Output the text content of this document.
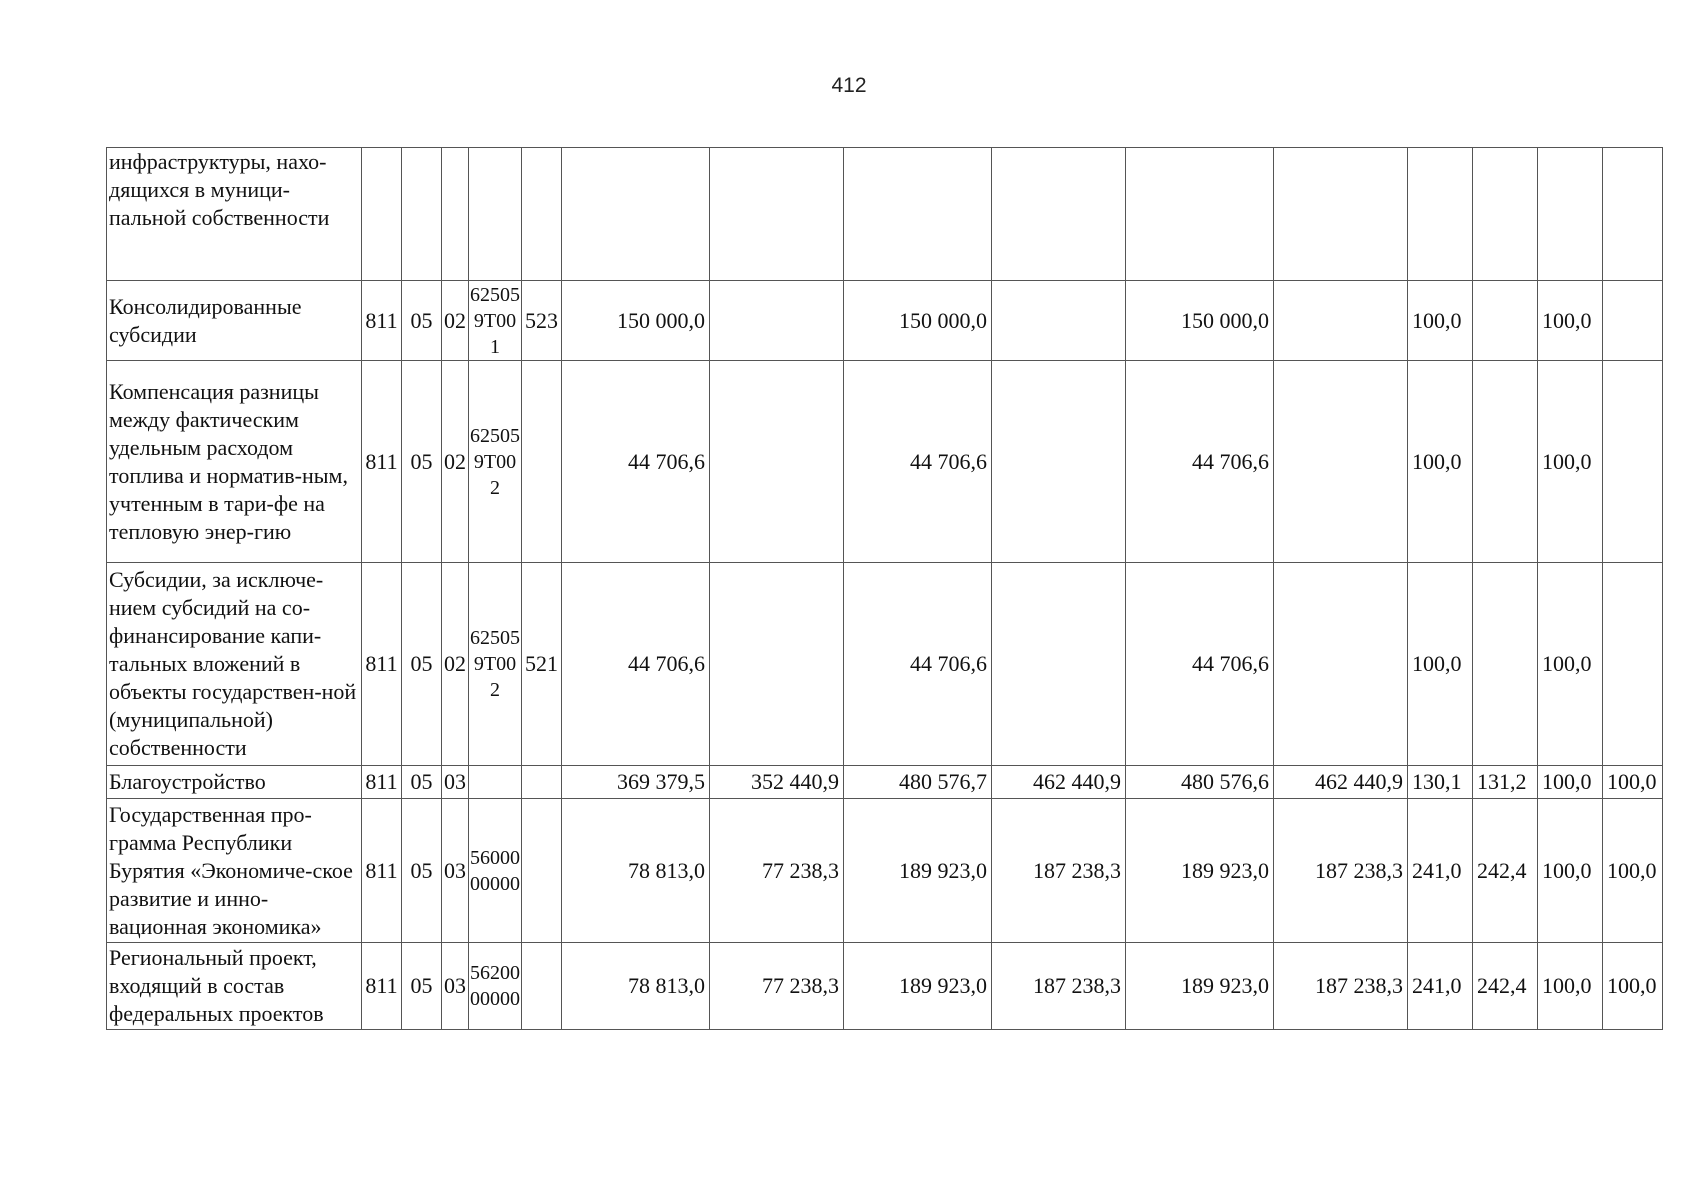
412
инфраструктуры, нахо-дящихся в муници-пальной собственности															
Консолидированные субсидии	811	05	02	625059Т001	523	150 000,0		150 000,0		150 000,0		100,0		100,0	
Компенсация разницы между фактическим удельным расходом топлива и норматив-ным, учтенным в тари-фе на тепловую энер-гию	811	05	02	625059Т002		44 706,6		44 706,6		44 706,6		100,0		100,0	
Субсидии, за исключе-нием субсидий на со-финансирование капи-тальных вложений в объекты государствен-ной (муниципальной) собственности	811	05	02	625059Т002	521	44 706,6		44 706,6		44 706,6		100,0		100,0	
Благоустройство	811	05	03			369 379,5	352 440,9	480 576,7	462 440,9	480 576,6	462 440,9	130,1	131,2	100,0	100,0
Государственная про-грамма Республики Бурятия «Экономиче-ское развитие и инно-вационная экономика»	811	05	03	5600000000		78 813,0	77 238,3	189 923,0	187 238,3	189 923,0	187 238,3	241,0	242,4	100,0	100,0
Региональный проект, входящий в состав федеральных проектов	811	05	03	5620000000		78 813,0	77 238,3	189 923,0	187 238,3	189 923,0	187 238,3	241,0	242,4	100,0	100,0
